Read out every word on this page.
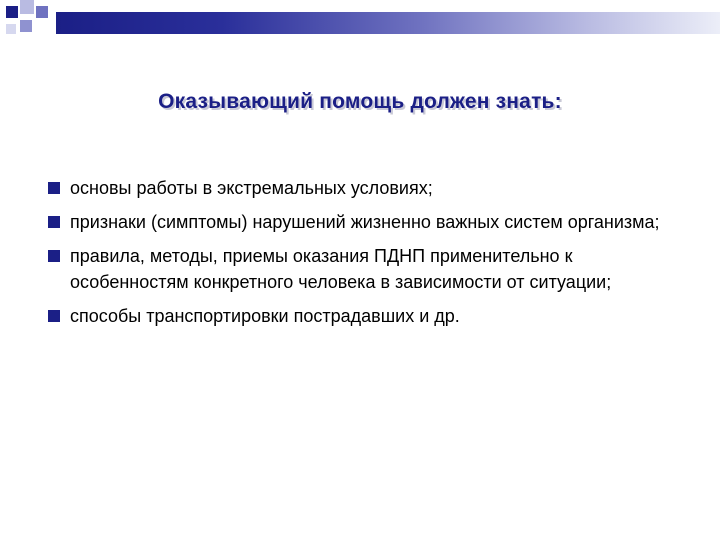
Оказывающий помощь должен знать:
основы работы в экстремальных условиях;
признаки (симптомы) нарушений жизненно важных систем организма;
правила, методы, приемы оказания ПДНП применительно к особенностям конкретного человека в зависимости от ситуации;
способы транспортировки пострадавших и др.
